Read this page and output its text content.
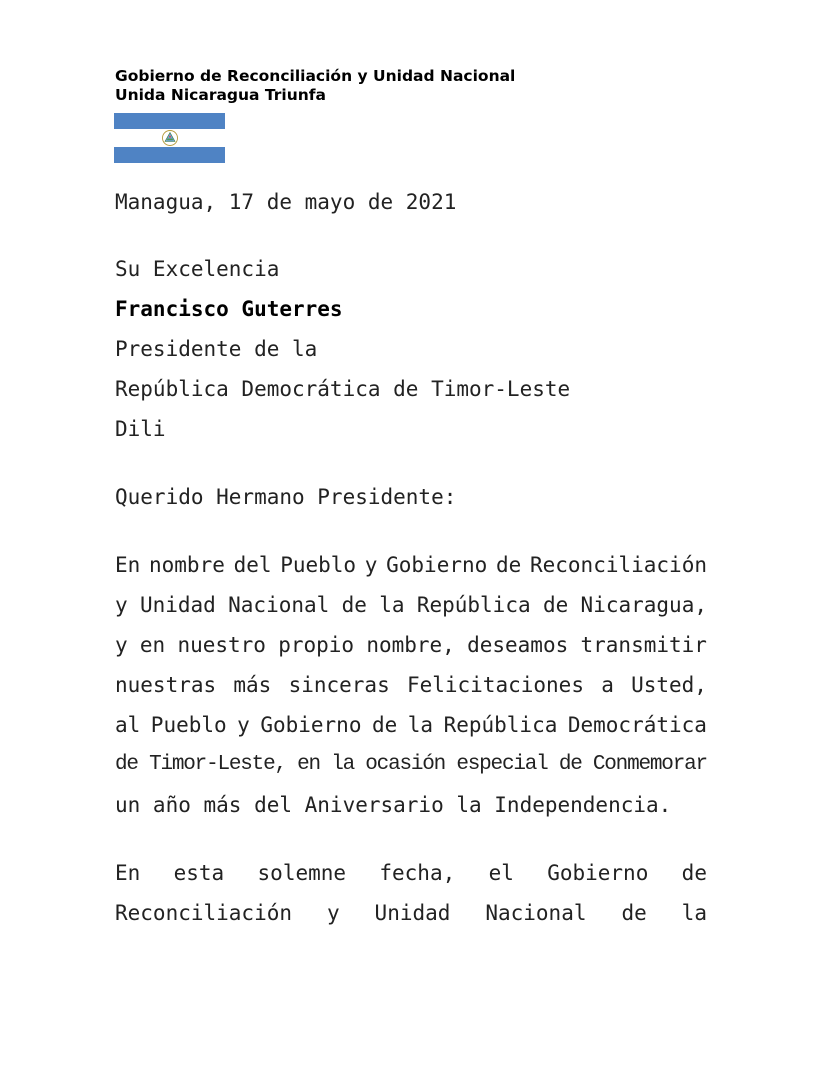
Gobierno de Reconciliación y Unidad Nacional
Unida Nicaragua Triunfa
Managua, 17 de mayo de 2021
Su Excelencia
Francisco Guterres
Presidente de la
República Democrática de Timor-Leste
Dili
Querido Hermano Presidente:
En nombre del Pueblo y Gobierno de Reconciliación
y Unidad Nacional de la República de Nicaragua,
y en nuestro propio nombre, deseamos transmitir
nuestras más sinceras Felicitaciones a Usted,
al Pueblo y Gobierno de la República Democrática
de Timor-Leste, en la ocasión especial de Conmemorar
un año más del Aniversario la Independencia.
En esta solemne fecha, el Gobierno de
Reconciliación y Unidad Nacional de la
